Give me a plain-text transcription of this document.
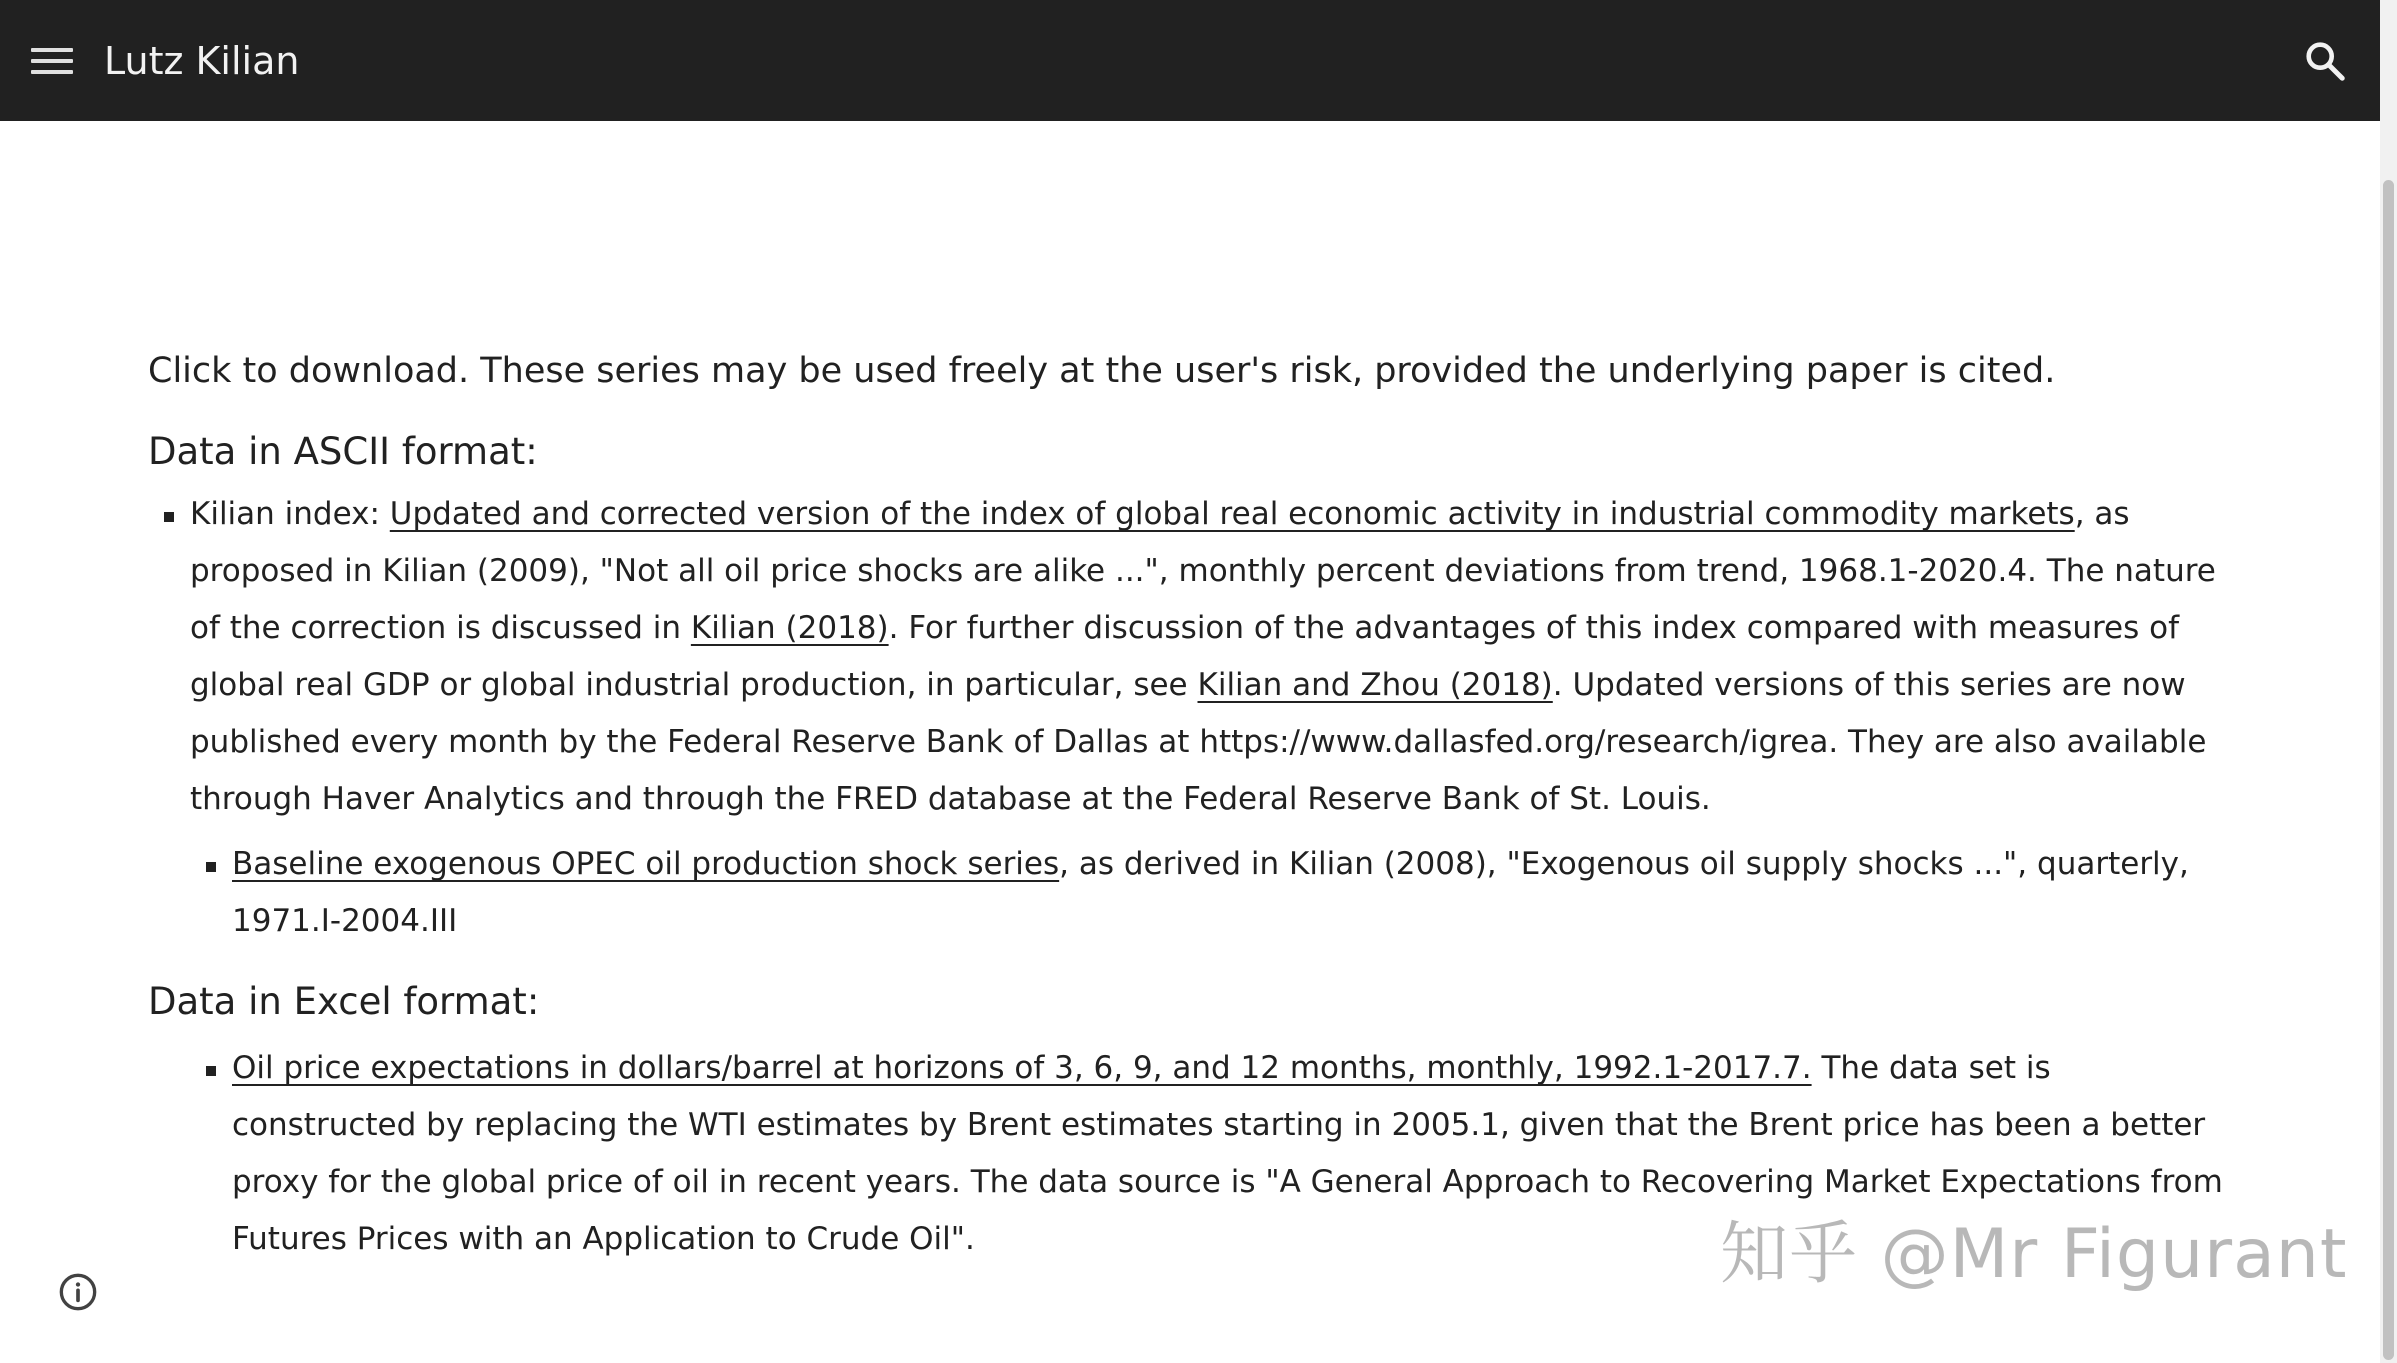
Lutz Kilian

Click to download. These series may be used freely at the user's risk, provided the underlying paper is cited.

Data in ASCII format:
Kilian index: Updated and corrected version of the index of global real economic activity in industrial commodity markets, as proposed in Kilian (2009), "Not all oil price shocks are alike ...", monthly percent deviations from trend, 1968.1-2020.4. The nature of the correction is discussed in Kilian (2018). For further discussion of the advantages of this index compared with measures of global real GDP or global industrial production, in particular, see Kilian and Zhou (2018). Updated versions of this series are now published every month by the Federal Reserve Bank of Dallas at https://www.dallasfed.org/research/igrea. They are also available through Haver Analytics and through the FRED database at the Federal Reserve Bank of St. Louis.
Baseline exogenous OPEC oil production shock series, as derived in Kilian (2008), "Exogenous oil supply shocks ...", quarterly, 1971.I-2004.III
Data in Excel format:
Oil price expectations in dollars/barrel at horizons of 3, 6, 9, and 12 months, monthly, 1992.1-2017.7. The data set is constructed by replacing the WTI estimates by Brent estimates starting in 2005.1, given that the Brent price has been a better proxy for the global price of oil in recent years. The data source is "A General Approach to Recovering Market Expectations from Futures Prices with an Application to Crude Oil".	知乎 @Mr Figurant
